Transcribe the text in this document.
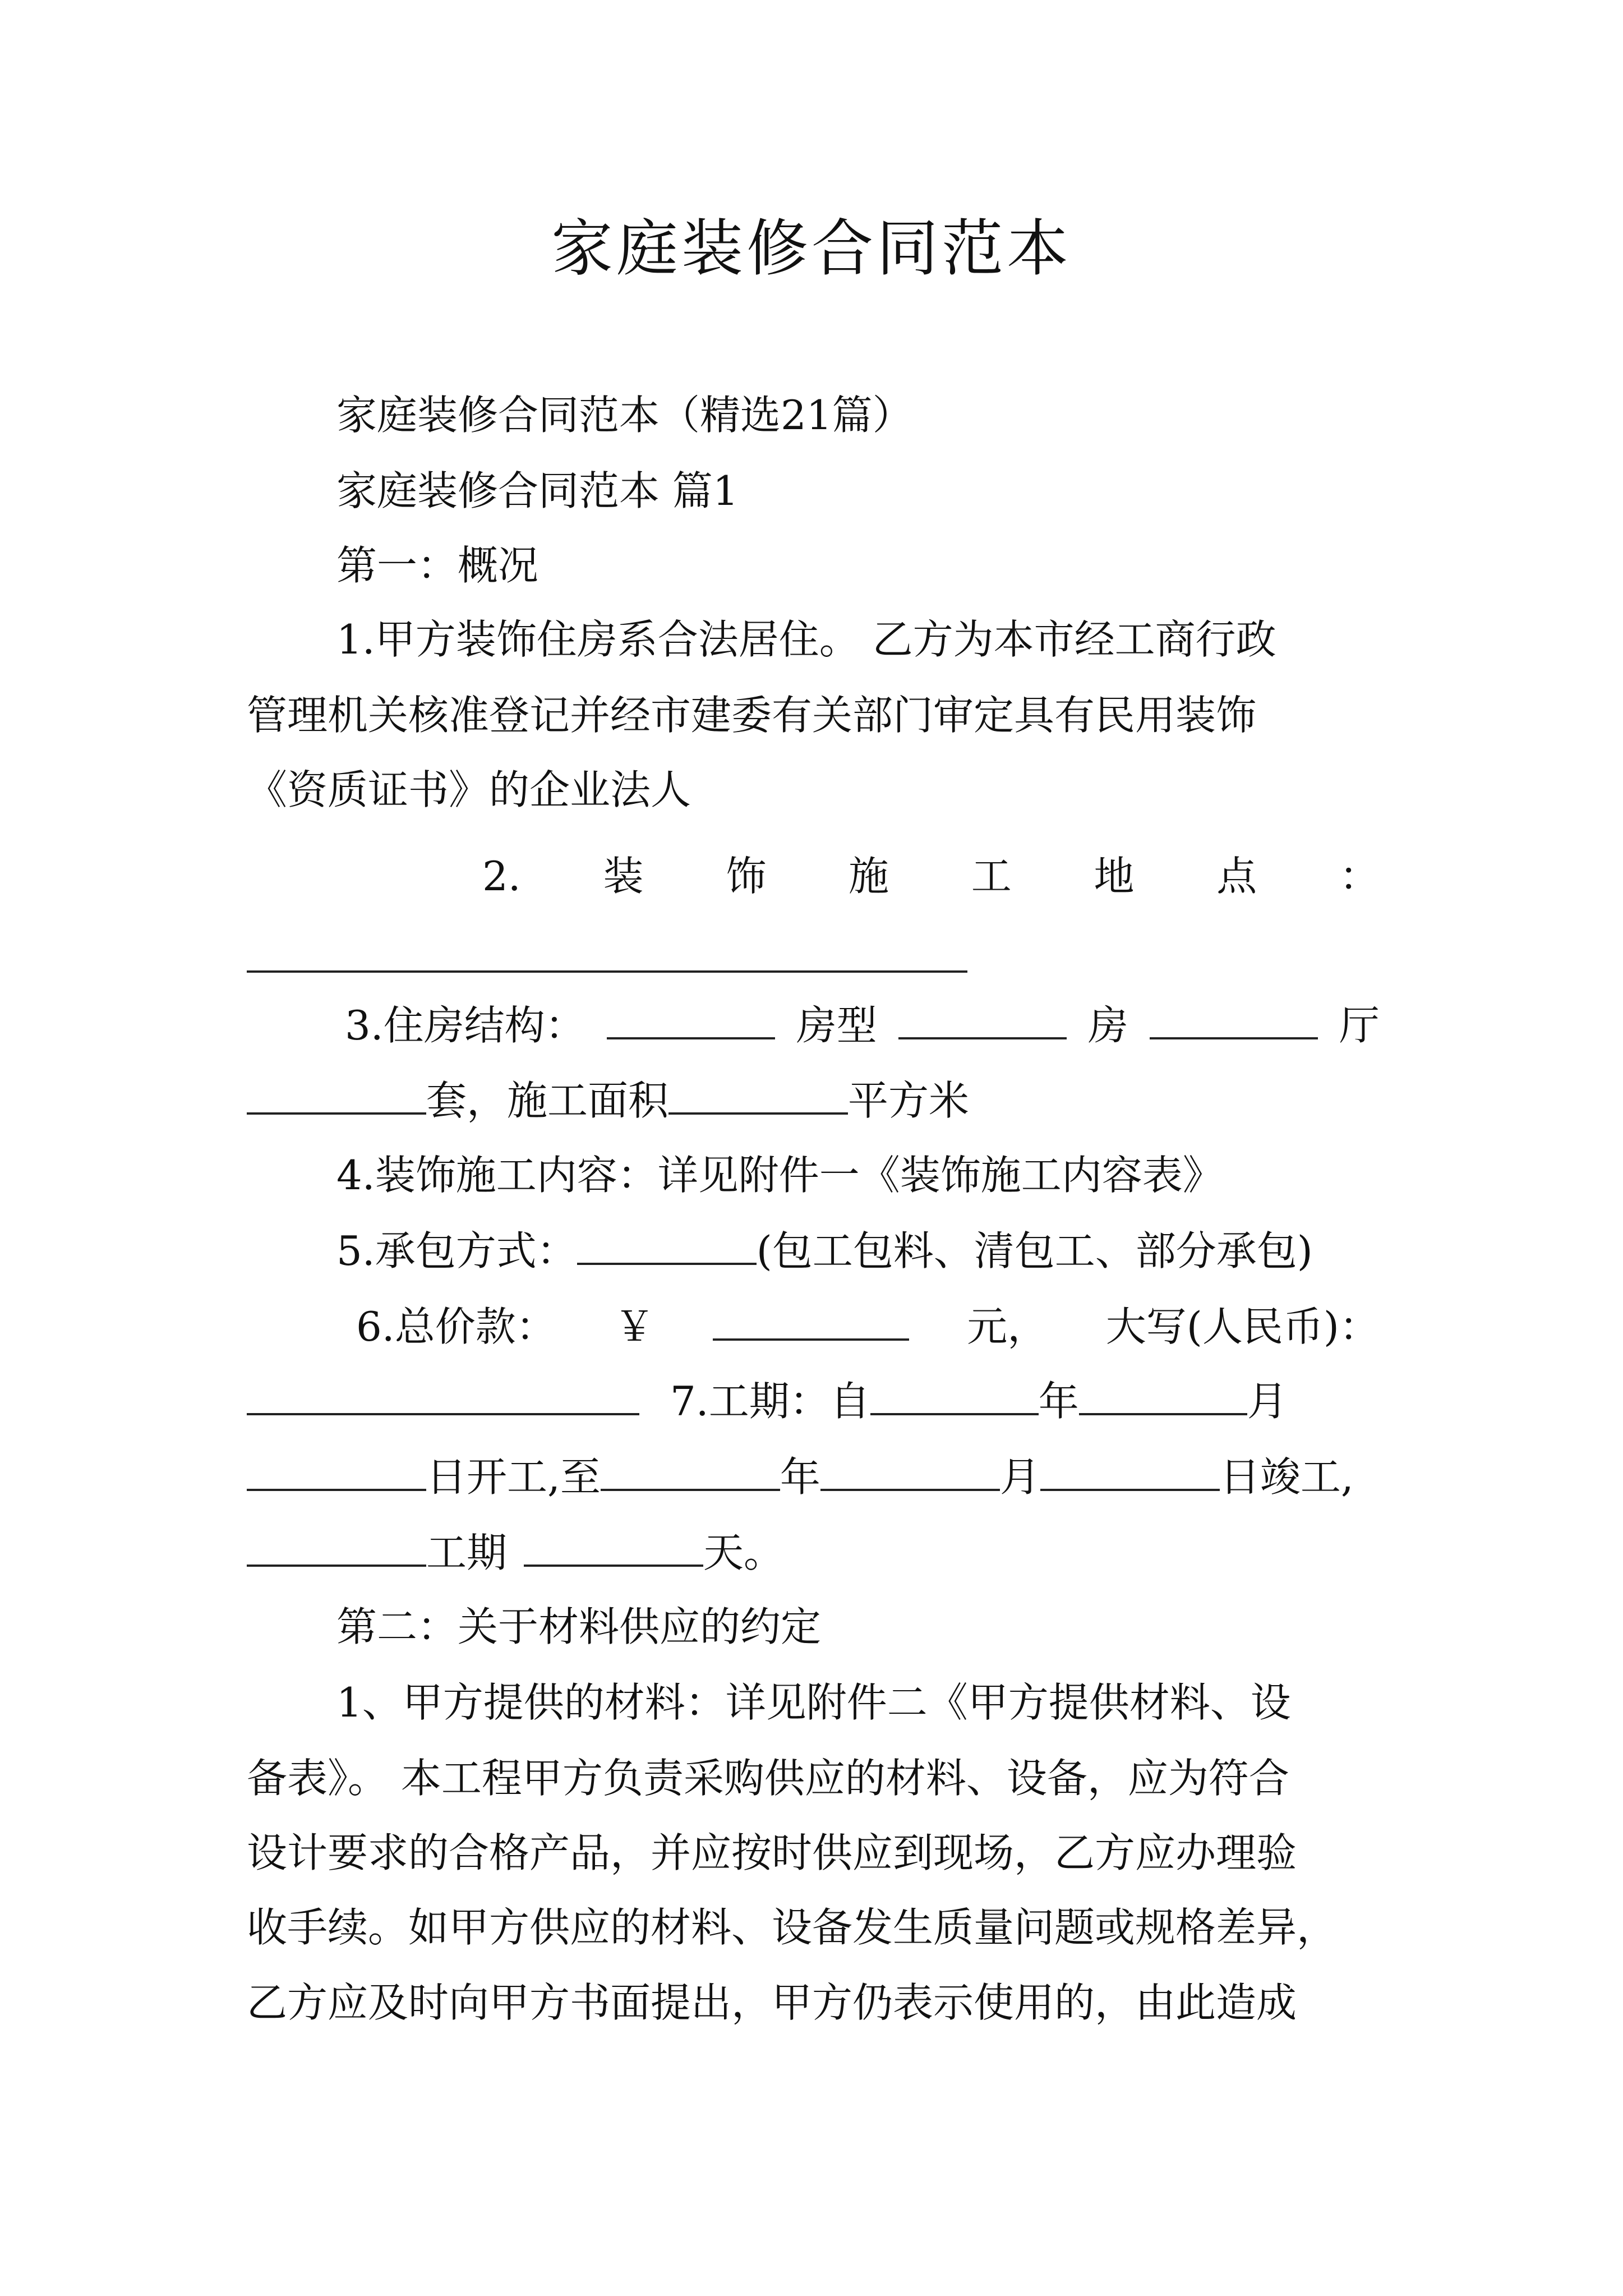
家庭装修合同范本
家庭装修合同范本（精选21篇）
家庭装修合同范本 篇1
第一：概况
1.甲方装饰住房系合法居住。 乙方为本市经工商行政
管理机关核准登记并经市建委有关部门审定具有民用装饰
《资质证书》的企业法人
2. 装 饰 施 工 地 点 ：
3.住房结构：	房型	房	厅
套，施工面积	平方米
4.装饰施工内容：详见附件一《装饰施工内容表》
5.承包方式：	(包工包料、清包工、部分承包)
6.总价款： ￥	元， 大写(人民币)：
7.工期：自	年	月
日开工,至	年	月	日竣工,
工期	天。
第二：关于材料供应的约定
1、甲方提供的材料：详见附件二《甲方提供材料、设
备表》。 本工程甲方负责采购供应的材料、设备，应为符合
设计要求的合格产品，并应按时供应到现场，乙方应办理验
收手续。如甲方供应的材料、设备发生质量问题或规格差异，
乙方应及时向甲方书面提出，甲方仍表示使用的，由此造成
